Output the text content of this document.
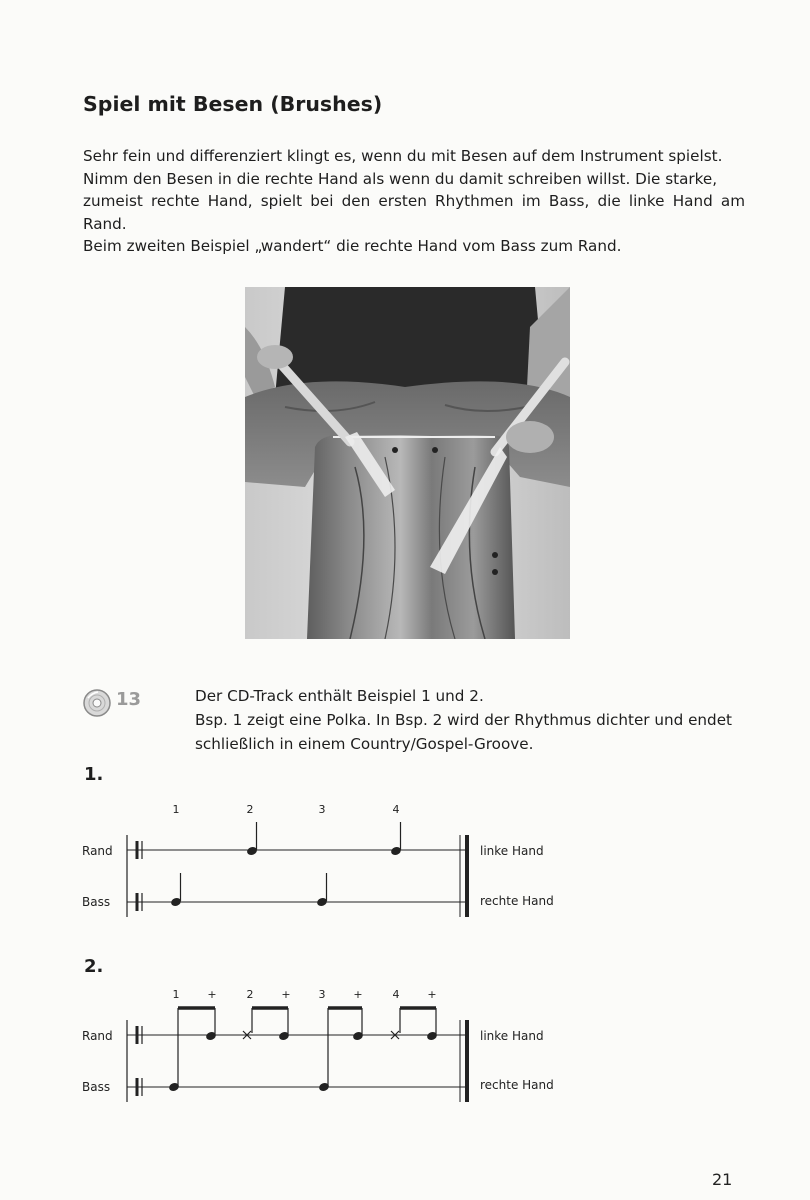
Spiel mit Besen (Brushes)

Sehr fein und differenziert klingt es, wenn du mit Besen auf dem Instrument spielst.
Nimm den Besen in die rechte Hand als wenn du damit schreiben willst. Die starke,
zumeist rechte Hand, spielt bei den ersten Rhythmen im Bass, die linke Hand am Rand.
Beim zweiten Beispiel „wandert“ die rechte Hand vom Bass zum Rand.

13	Der CD-Track enthält Beispiel 1 und 2.
Bsp. 1 zeigt eine Polka. In Bsp. 2 wird der Rhythmus dichter und endet
schließlich in einem Country/Gospel-Groove.

1.
1	2	3	4
Rand
Bass
linke Hand
rechte Hand
2.
1	+	2	+	3	+	4	+
Rand
Bass
linke Hand
rechte Hand
21
